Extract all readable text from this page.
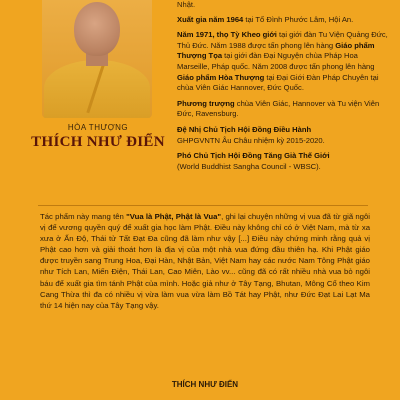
HÒA THƯỢNG
THÍCH NHƯ ĐIỂN

Nhật.

Xuất gia năm 1964 tại Tổ Đình Phước Lâm, Hội An.

Năm 1971, thọ Tỳ Kheo giới tại giới đàn Tu Viện Quảng Đức, Thủ Đức. Năm 1988 được tấn phong lên hàng Giáo phẩm Thượng Tọa tại giới đàn Đại Nguyện chùa Pháp Hoa Marseille, Pháp quốc. Năm 2008 được tấn phong lên hàng Giáo phẩm Hòa Thượng tại Đại Giới Đàn Pháp Chuyên tại chùa Viên Giác Hannover, Đức Quốc.

Phương trượng chùa Viên Giác, Hannover và Tu viện Viên Đức, Ravensburg.

Đệ Nhị Chủ Tịch Hội Đồng Điều Hành
GHPGVNTN Âu Châu nhiệm kỳ 2015-2020.

Phó Chủ Tịch Hội Đồng Tăng Già Thế Giới
(World Buddhist Sangha Council - WBSC).

Tác phẩm này mang tên "Vua là Phật, Phật là Vua", ghi lại chuyện những vị vua đã từ giã ngôi vị để vương quyền quý để xuất gia học làm Phật. Điều này không chỉ có ở Việt Nam, mà từ xa xưa ở Ấn Độ, Thái tử Tất Đạt Đa cũng đã làm như vậy [...] Điều này chứng minh rằng quả vị Phật cao hơn và giải thoát hơn là địa vị của một nhà vua đứng đầu thiên hạ. Khi Phật giáo được truyền sang Trung Hoa, Đại Hàn, Nhật Bản, Việt Nam hay các nước Nam Tông Phật giáo như Tích Lan, Miến Điện, Thái Lan, Cao Miên, Lào vv... cũng đã có rất nhiều nhà vua bỏ ngôi báu để xuất gia tìm tánh Phật của mình. Hoặc giả như ở Tây Tạng, Bhutan, Mông Cổ theo Kim Cang Thừa thì đa có nhiều vị vừa làm vua vừa làm Bồ Tát hay Phật, như Đức Đạt Lai Lạt Ma thứ 14 hiện nay của Tây Tạng vậy.
THÍCH NHƯ ĐIỂN
